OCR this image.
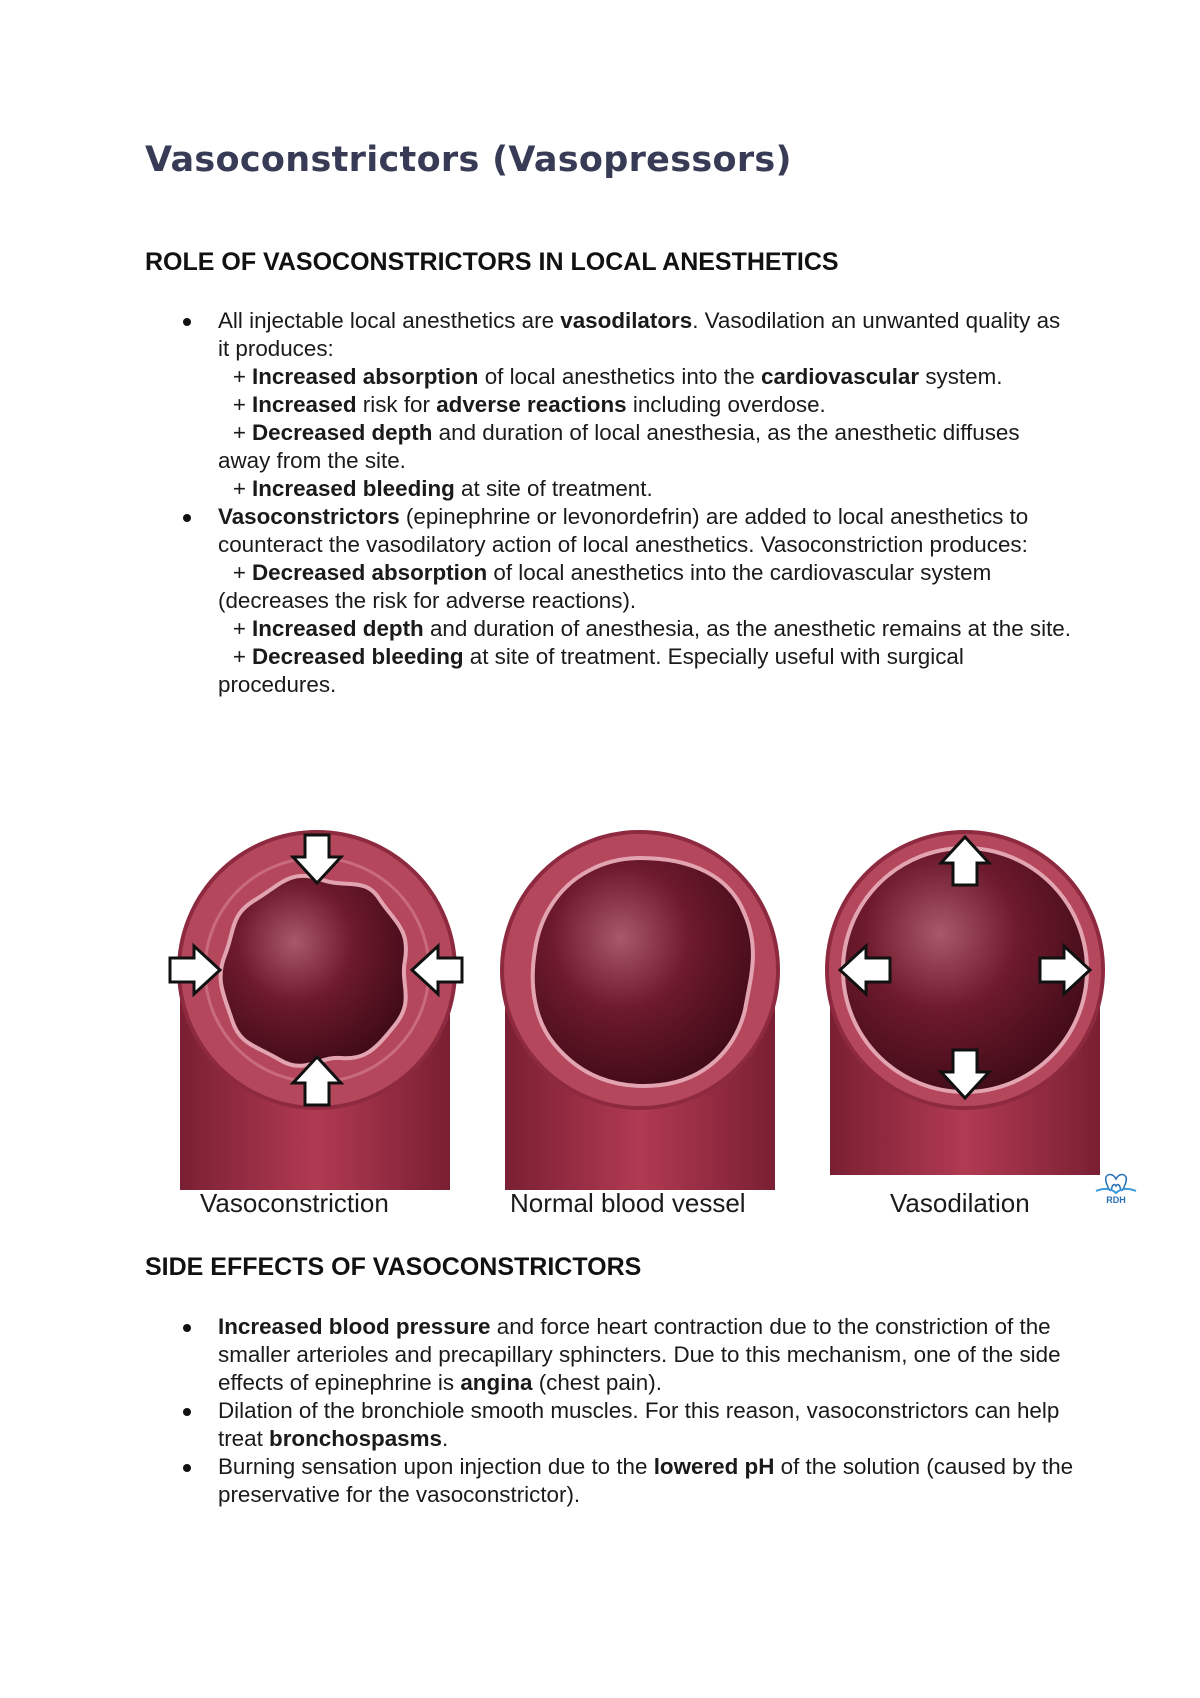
Vasoconstrictors (Vasopressors)
ROLE OF VASOCONSTRICTORS IN LOCAL ANESTHETICS
All injectable local anesthetics are vasodilators. Vasodilation an unwanted quality as it produces:
+ Increased absorption of local anesthetics into the cardiovascular system.
+ Increased risk for adverse reactions including overdose.
+ Decreased depth and duration of local anesthesia, as the anesthetic diffuses away from the site.
+ Increased bleeding at site of treatment.
Vasoconstrictors (epinephrine or levonordefrin) are added to local anesthetics to counteract the vasodilatory action of local anesthetics. Vasoconstriction produces:
+ Decreased absorption of local anesthetics into the cardiovascular system (decreases the risk for adverse reactions).
+ Increased depth and duration of anesthesia, as the anesthetic remains at the site.
+ Decreased bleeding at site of treatment. Especially useful with surgical procedures.
Vasoconstriction	Normal blood vessel	Vasodilation	RDH
SIDE EFFECTS OF VASOCONSTRICTORS
Increased blood pressure and force heart contraction due to the constriction of the smaller arterioles and precapillary sphincters. Due to this mechanism, one of the side effects of epinephrine is angina (chest pain).
Dilation of the bronchiole smooth muscles. For this reason, vasoconstrictors can help treat bronchospasms.
Burning sensation upon injection due to the lowered pH of the solution (caused by the preservative for the vasoconstrictor).
